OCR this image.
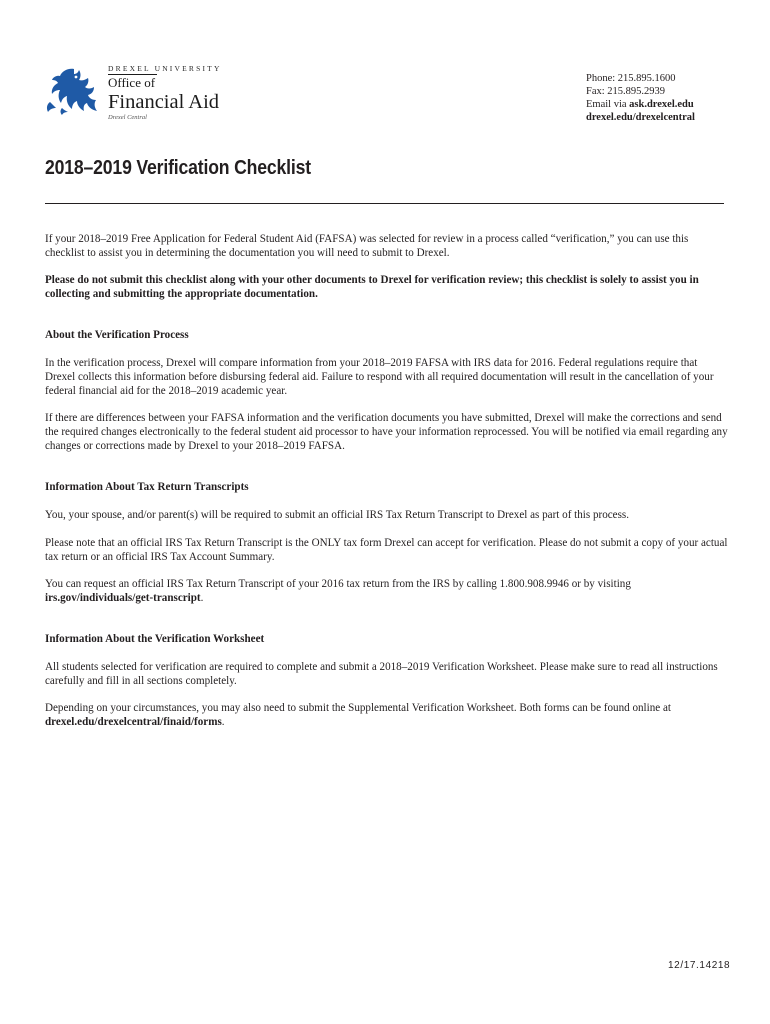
DREXEL UNIVERSITY
Office of
Financial Aid
Drexel Central
Phone: 215.895.1600
Fax: 215.895.2939
Email via ask.drexel.edu
drexel.edu/drexelcentral
2018–2019 Verification Checklist

If your 2018–2019 Free Application for Federal Student Aid (FAFSA) was selected for review in a process called “verification,” you can use this checklist to assist you in determining the documentation you will need to submit to Drexel.

Please do not submit this checklist along with your other documents to Drexel for verification review; this checklist is solely to assist you in collecting and submitting the appropriate documentation.

About the Verification Process

In the verification process, Drexel will compare information from your 2018–2019 FAFSA with IRS data for 2016. Federal regulations require that Drexel collects this information before disbursing federal aid. Failure to respond with all required documentation will result in the cancellation of your federal financial aid for the 2018–2019 academic year.

If there are differences between your FAFSA information and the verification documents you have submitted, Drexel will make the corrections and send the required changes electronically to the federal student aid processor to have your information reprocessed. You will be notified via email regarding any changes or corrections made by Drexel to your 2018–2019 FAFSA.

Information About Tax Return Transcripts

You, your spouse, and/or parent(s) will be required to submit an official IRS Tax Return Transcript to Drexel as part of this process.

Please note that an official IRS Tax Return Transcript is the ONLY tax form Drexel can accept for verification. Please do not submit a copy of your actual tax return or an official IRS Tax Account Summary.

You can request an official IRS Tax Return Transcript of your 2016 tax return from the IRS by calling 1.800.908.9946 or by visiting irs.gov/individuals/get-transcript.

Information About the Verification Worksheet

All students selected for verification are required to complete and submit a 2018–2019 Verification Worksheet. Please make sure to read all instructions carefully and fill in all sections completely.

Depending on your circumstances, you may also need to submit the Supplemental Verification Worksheet. Both forms can be found online at drexel.edu/drexelcentral/finaid/forms.

12/17.14218
